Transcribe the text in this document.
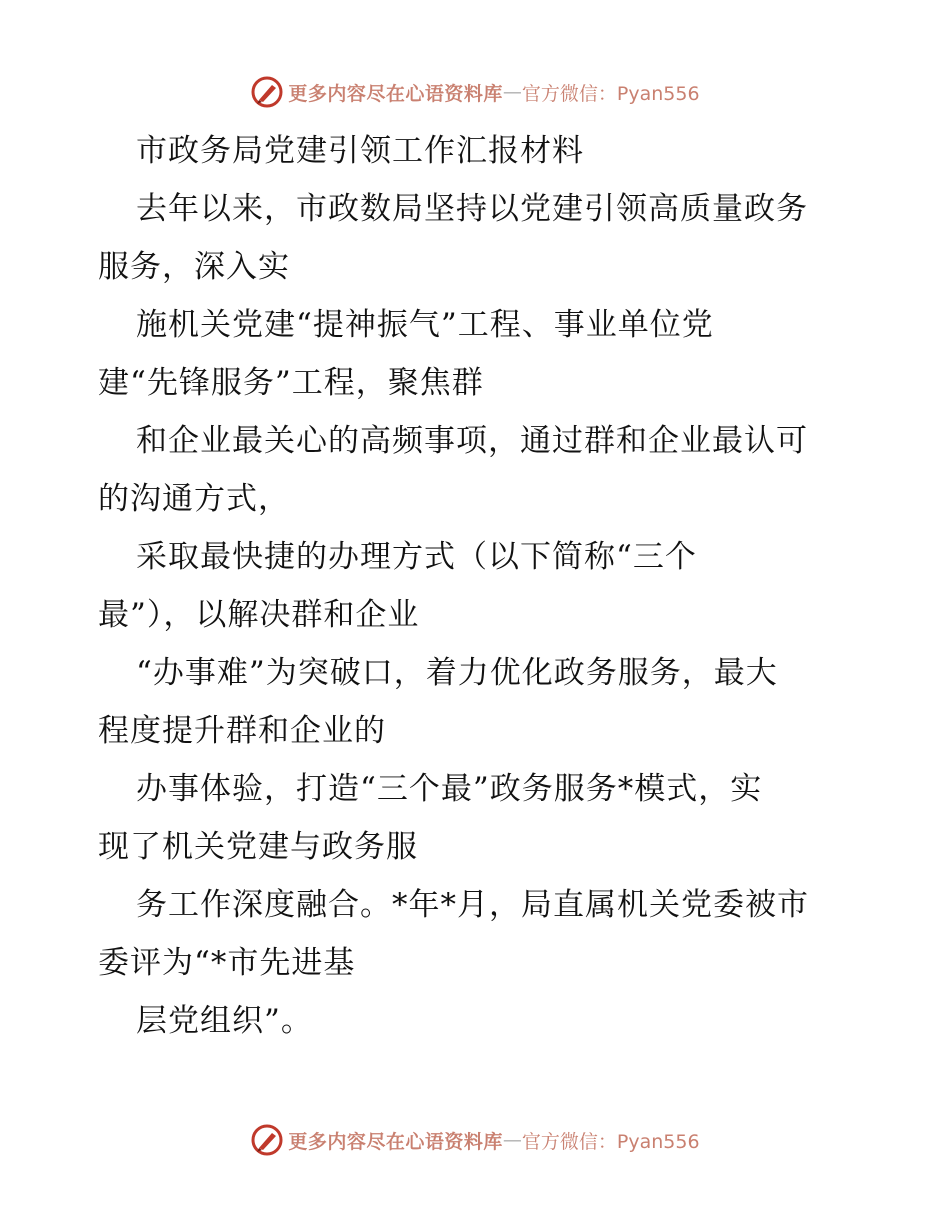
更多内容尽在心语资料库 — 官方微信：Pyan556
市政务局党建引领工作汇报材料
去年以来，市政数局坚持以党建引领高质量政务
服务，深入实
施机关党建“提神振气”工程、事业单位党
建“先锋服务”工程，聚焦群
和企业最关心的高频事项，通过群和企业最认可
的沟通方式，
采取最快捷的办理方式（以下简称“三个
最”），以解决群和企业
“办事难”为突破口，着力优化政务服务，最大
程度提升群和企业的
办事体验，打造“三个最”政务服务*模式，实
现了机关党建与政务服
务工作深度融合。*年*月，局直属机关党委被市
委评为“*市先进基
层党组织”。
更多内容尽在心语资料库 — 官方微信：Pyan556
